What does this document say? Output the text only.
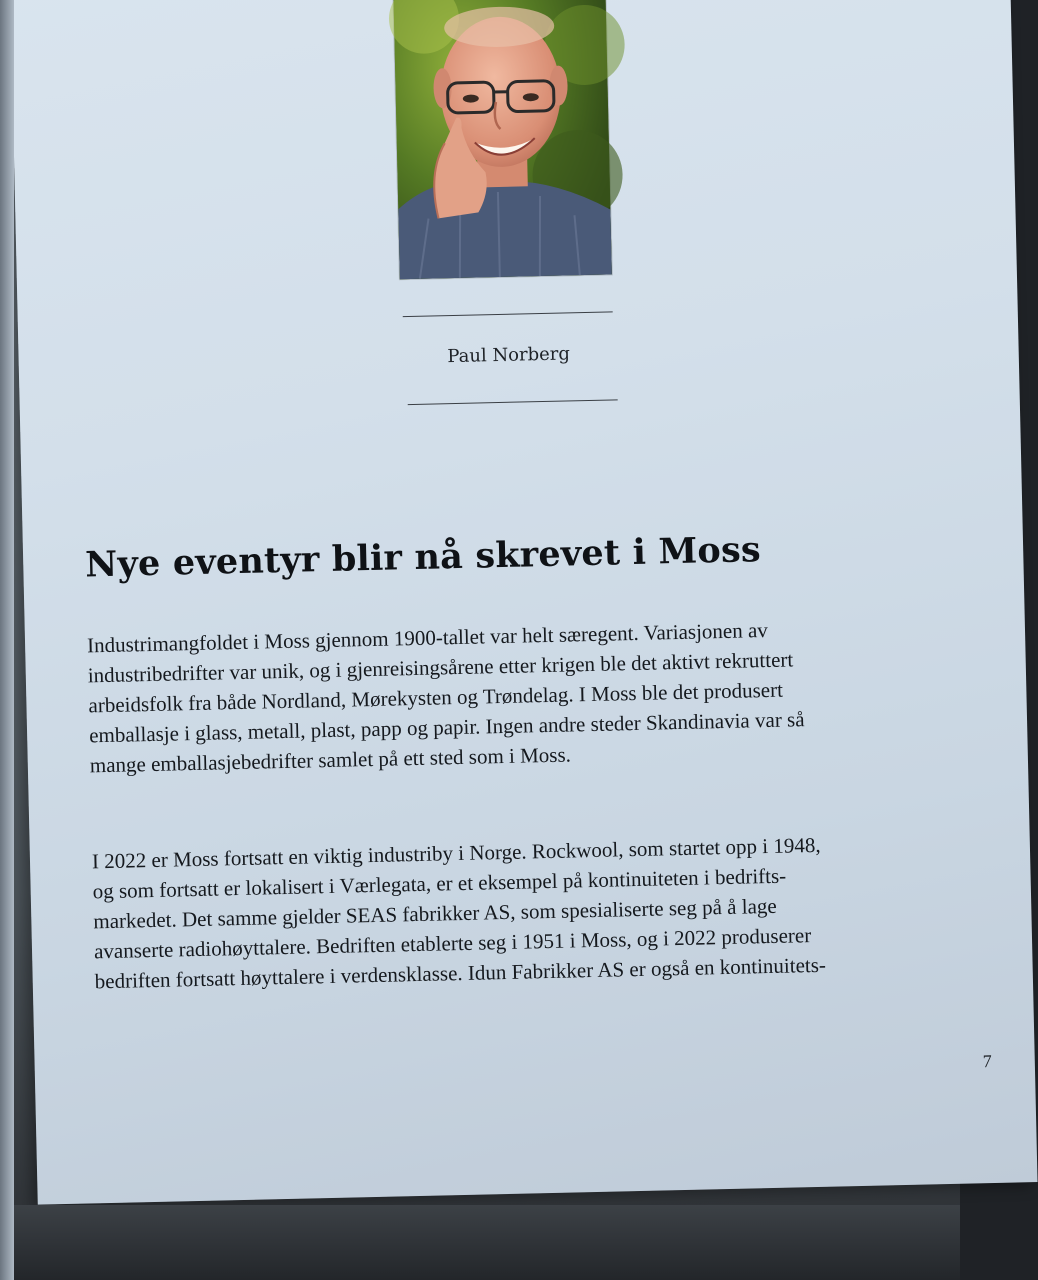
Paul Norberg
Nye eventyr blir nå skrevet i Moss

Industrimangfoldet i Moss gjennom 1900-tallet var helt særegent. Variasjonen av
industribedrifter var unik, og i gjenreisingsårene etter krigen ble det aktivt rekruttert
arbeidsfolk fra både Nordland, Mørekysten og Trøndelag. I Moss ble det produsert
emballasje i glass, metall, plast, papp og papir. Ingen andre steder Skandinavia var så
mange emballasjebedrifter samlet på ett sted som i Moss.

I 2022 er Moss fortsatt en viktig industriby i Norge. Rockwool, som startet opp i 1948,
og som fortsatt er lokalisert i Værlegata, er et eksempel på kontinuiteten i bedrifts-
markedet. Det samme gjelder SEAS fabrikker AS, som spesialiserte seg på å lage
avanserte radiohøyttalere. Bedriften etablerte seg i 1951 i Moss, og i 2022 produserer
bedriften fortsatt høyttalere i verdensklasse. Idun Fabrikker AS er også en kontinuitets-

7
